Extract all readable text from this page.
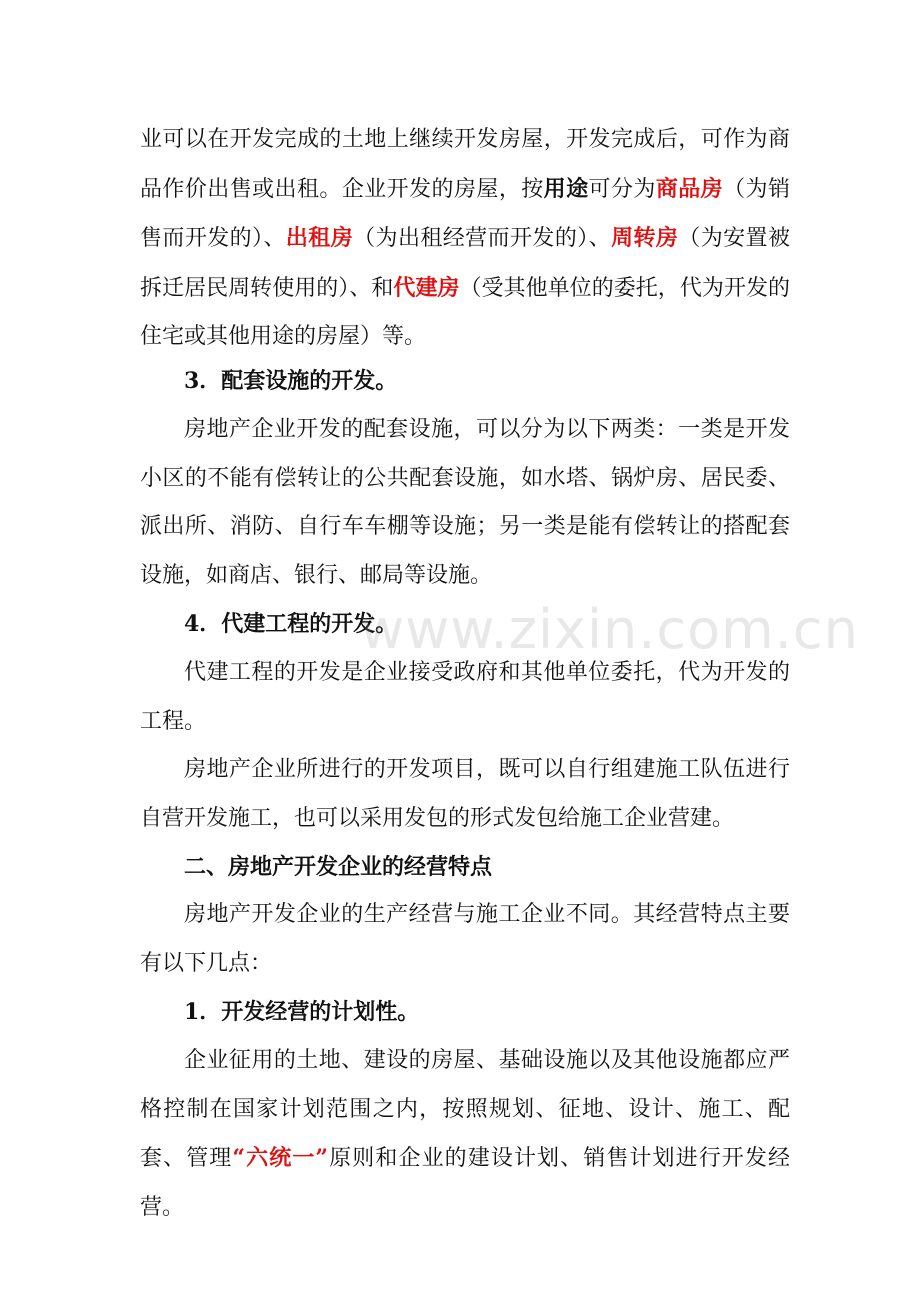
业可以在开发完成的土地上继续开发房屋，开发完成后，可作为商品作价出售或出租。企业开发的房屋，按用途可分为商品房（为销售而开发的）、出租房（为出租经营而开发的）、周转房（为安置被拆迁居民周转使用的）、和代建房（受其他单位的委托，代为开发的住宅或其他用途的房屋）等。

3．配套设施的开发。

房地产企业开发的配套设施，可以分为以下两类：一类是开发小区的不能有偿转让的公共配套设施，如水塔、锅炉房、居民委、派出所、消防、自行车车棚等设施；另一类是能有偿转让的搭配套设施，如商店、银行、邮局等设施。

4．代建工程的开发。

代建工程的开发是企业接受政府和其他单位委托，代为开发的工程。

房地产企业所进行的开发项目，既可以自行组建施工队伍进行自营开发施工，也可以采用发包的形式发包给施工企业营建。

二、房地产开发企业的经营特点

房地产开发企业的生产经营与施工企业不同。其经营特点主要有以下几点：

1．开发经营的计划性。

企业征用的土地、建设的房屋、基础设施以及其他设施都应严格控制在国家计划范围之内，按照规划、征地、设计、施工、配套、管理“六统一”原则和企业的建设计划、销售计划进行开发经营。

www.zixin.com.cn
